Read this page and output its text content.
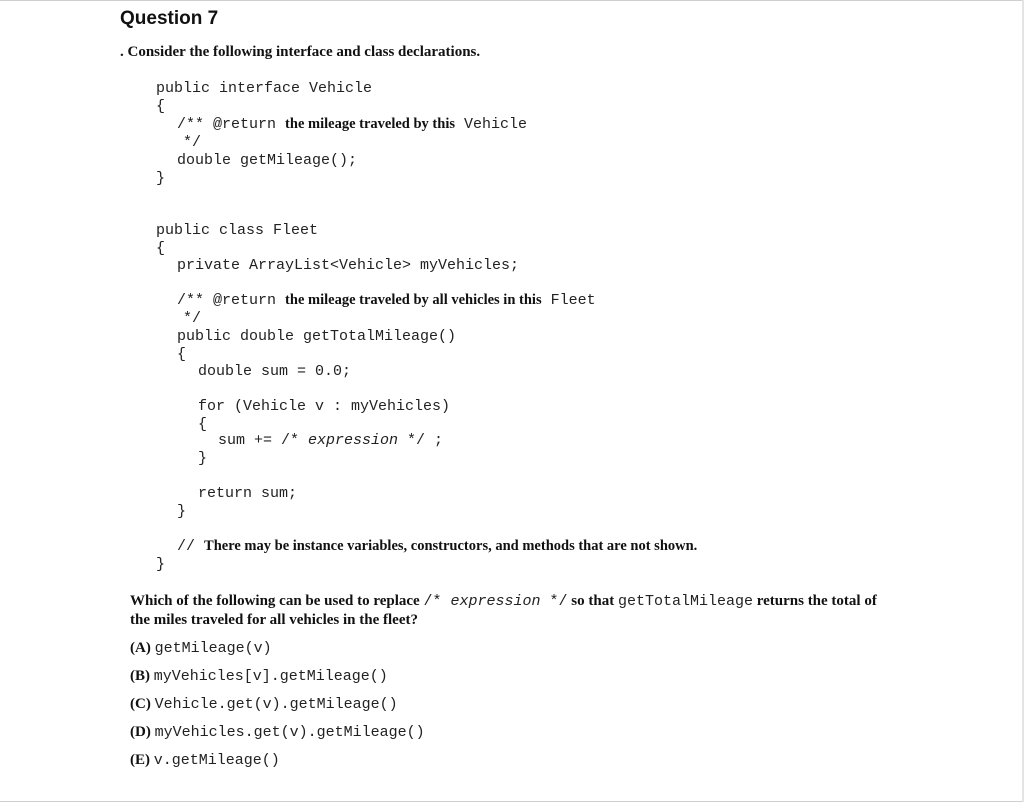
Question 7
. Consider the following interface and class declarations.
public interface Vehicle
{
/** @return the mileage traveled by this Vehicle
*/
double getMileage();
}
public class Fleet
{
private ArrayList<Vehicle> myVehicles;
/** @return the mileage traveled by all vehicles in this Fleet
*/
public double getTotalMileage()
{
double sum = 0.0;
for (Vehicle v : myVehicles)
{
sum += /* expression */ ;
}
return sum;
}
// There may be instance variables, constructors, and methods that are not shown.
}
Which of the following can be used to replace /* expression */ so that getTotalMileage returns the total of the miles traveled for all vehicles in the fleet?
(A) getMileage(v)
(B) myVehicles[v].getMileage()
(C) Vehicle.get(v).getMileage()
(D) myVehicles.get(v).getMileage()
(E) v.getMileage()
